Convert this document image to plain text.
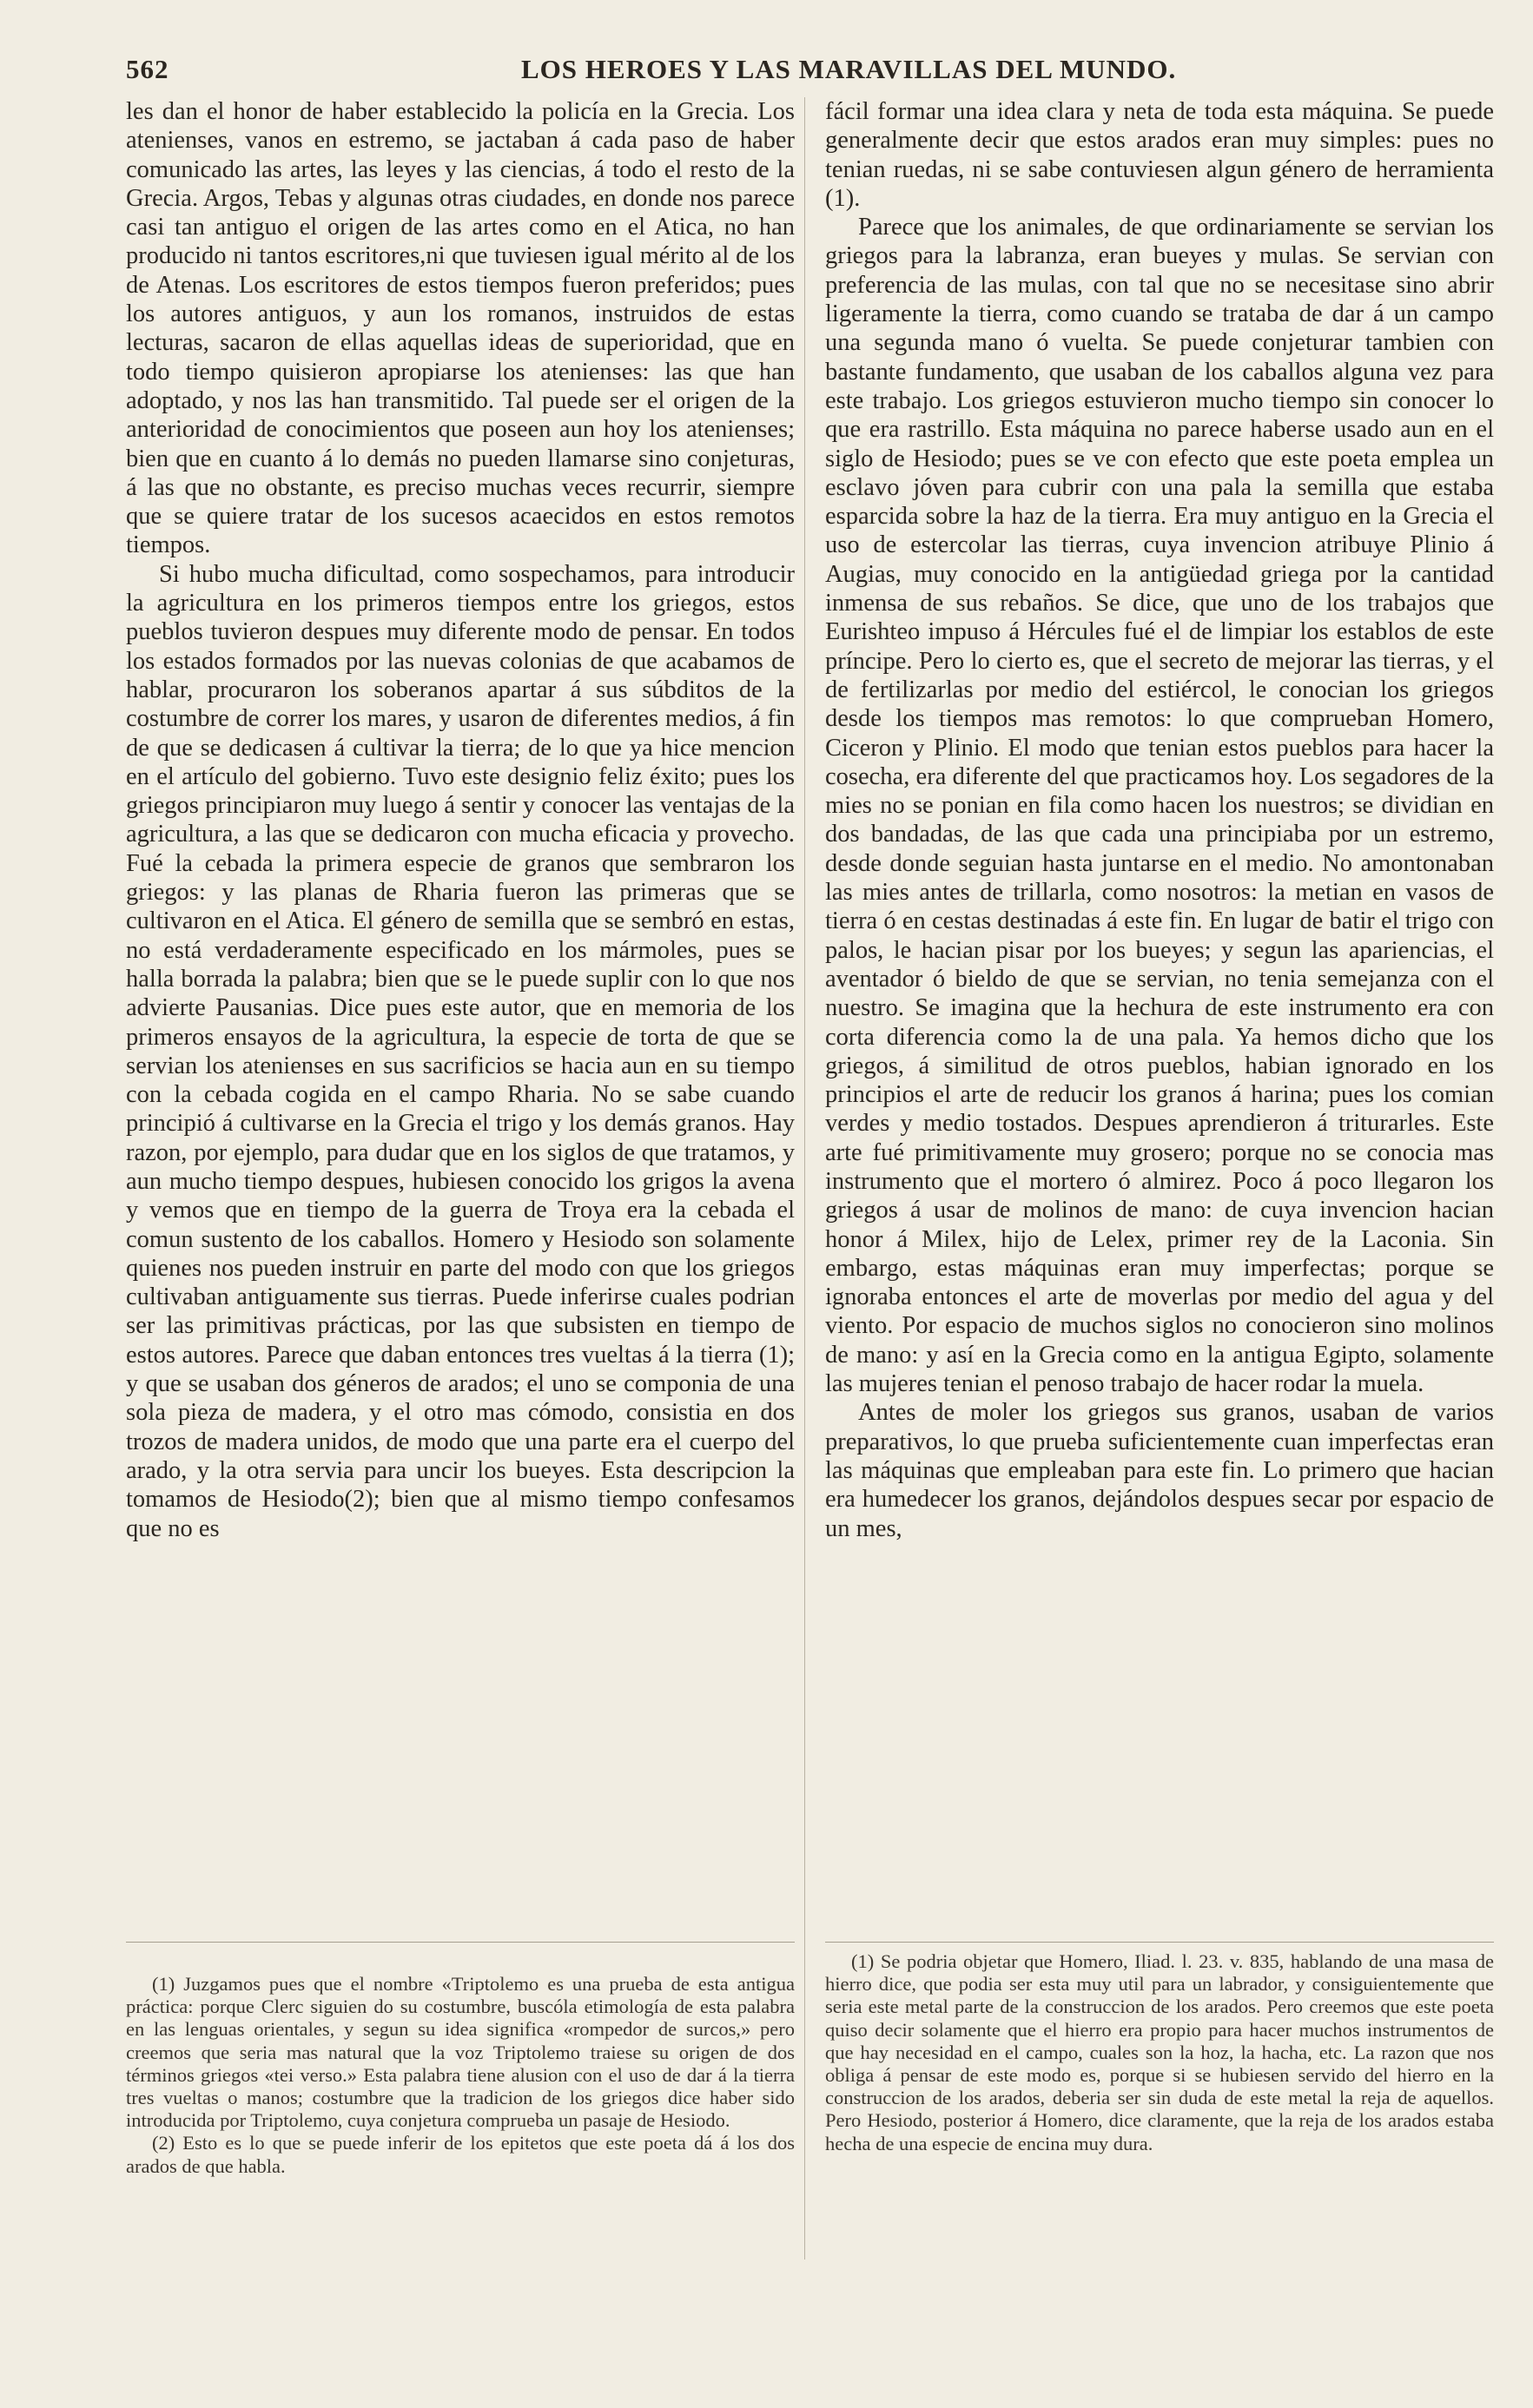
562	LOS HEROES Y LAS MARAVILLAS DEL MUNDO.

les dan el honor de haber establecido la policía en la Grecia. Los atenienses, vanos en estremo, se jactaban á cada paso de haber comunicado las artes, las leyes y las ciencias, á todo el resto de la Grecia. Argos, Tebas y algunas otras ciudades, en donde nos parece casi tan antiguo el origen de las artes como en el Atica, no han producido ni tantos escritores,ni que tuviesen igual mérito al de los de Atenas. Los escritores de estos tiempos fueron preferidos; pues los autores antiguos, y aun los romanos, instruidos de estas lecturas, sacaron de ellas aquellas ideas de superioridad, que en todo tiempo quisieron apropiarse los atenienses: las que han adoptado, y nos las han transmitido. Tal puede ser el origen de la anterioridad de conocimientos que poseen aun hoy los atenienses; bien que en cuanto á lo demás no pueden llamarse sino conjeturas, á las que no obstante, es preciso muchas veces recurrir, siempre que se quiere tratar de los sucesos acaecidos en estos remotos tiempos.

Si hubo mucha dificultad, como sospechamos, para introducir la agricultura en los primeros tiempos entre los griegos, estos pueblos tuvieron despues muy diferente modo de pensar. En todos los estados formados por las nuevas colonias de que acabamos de hablar, procuraron los soberanos apartar á sus súbditos de la costumbre de correr los mares, y usaron de diferentes medios, á fin de que se dedicasen á cultivar la tierra; de lo que ya hice mencion en el artículo del gobierno. Tuvo este designio feliz éxito; pues los griegos principiaron muy luego á sentir y conocer las ventajas de la agricultura, a las que se dedicaron con mucha eficacia y provecho. Fué la cebada la primera especie de granos que sembraron los griegos: y las planas de Rharia fueron las primeras que se cultivaron en el Atica. El género de semilla que se sembró en estas, no está verdaderamente especificado en los mármoles, pues se halla borrada la palabra; bien que se le puede suplir con lo que nos advierte Pausanias. Dice pues este autor, que en memoria de los primeros ensayos de la agricultura, la especie de torta de que se servian los atenienses en sus sacrificios se hacia aun en su tiempo con la cebada cogida en el campo Rharia. No se sabe cuando principió á cultivarse en la Grecia el trigo y los demás granos. Hay razon, por ejemplo, para dudar que en los siglos de que tratamos, y aun mucho tiempo despues, hubiesen conocido los grigos la avena y vemos que en tiempo de la guerra de Troya era la cebada el comun sustento de los caballos. Homero y Hesiodo son solamente quienes nos pueden instruir en parte del modo con que los griegos cultivaban antiguamente sus tierras. Puede inferirse cuales podrian ser las primitivas prácticas, por las que subsisten en tiempo de estos autores. Parece que daban entonces tres vueltas á la tierra (1); y que se usaban dos géneros de arados; el uno se componia de una sola pieza de madera, y el otro mas cómodo, consistia en dos trozos de madera unidos, de modo que una parte era el cuerpo del arado, y la otra servia para uncir los bueyes. Esta descripcion la tomamos de Hesiodo(2); bien que al mismo tiempo confesamos que no es

fácil formar una idea clara y neta de toda esta máquina. Se puede generalmente decir que estos arados eran muy simples: pues no tenian ruedas, ni se sabe contuviesen algun género de herramienta (1).

Parece que los animales, de que ordinariamente se servian los griegos para la labranza, eran bueyes y mulas. Se servian con preferencia de las mulas, con tal que no se necesitase sino abrir ligeramente la tierra, como cuando se trataba de dar á un campo una segunda mano ó vuelta. Se puede conjeturar tambien con bastante fundamento, que usaban de los caballos alguna vez para este trabajo. Los griegos estuvieron mucho tiempo sin conocer lo que era rastrillo. Esta máquina no parece haberse usado aun en el siglo de Hesiodo; pues se ve con efecto que este poeta emplea un esclavo jóven para cubrir con una pala la semilla que estaba esparcida sobre la haz de la tierra. Era muy antiguo en la Grecia el uso de estercolar las tierras, cuya invencion atribuye Plinio á Augias, muy conocido en la antigüedad griega por la cantidad inmensa de sus rebaños. Se dice, que uno de los trabajos que Eurishteo impuso á Hércules fué el de limpiar los establos de este príncipe. Pero lo cierto es, que el secreto de mejorar las tierras, y el de fertilizarlas por medio del estiércol, le conocian los griegos desde los tiempos mas remotos: lo que comprueban Homero, Ciceron y Plinio. El modo que tenian estos pueblos para hacer la cosecha, era diferente del que practicamos hoy. Los segadores de la mies no se ponian en fila como hacen los nuestros; se dividian en dos bandadas, de las que cada una principiaba por un estremo, desde donde seguian hasta juntarse en el medio. No amontonaban las mies antes de trillarla, como nosotros: la metian en vasos de tierra ó en cestas destinadas á este fin. En lugar de batir el trigo con palos, le hacian pisar por los bueyes; y segun las apariencias, el aventador ó bieldo de que se servian, no tenia semejanza con el nuestro. Se imagina que la hechura de este instrumento era con corta diferencia como la de una pala. Ya hemos dicho que los griegos, á similitud de otros pueblos, habian ignorado en los principios el arte de reducir los granos á harina; pues los comian verdes y medio tostados. Despues aprendieron á triturarles. Este arte fué primitivamente muy grosero; porque no se conocia mas instrumento que el mortero ó almirez. Poco á poco llegaron los griegos á usar de molinos de mano: de cuya invencion hacian honor á Milex, hijo de Lelex, primer rey de la Laconia. Sin embargo, estas máquinas eran muy imperfectas; porque se ignoraba entonces el arte de moverlas por medio del agua y del viento. Por espacio de muchos siglos no conocieron sino molinos de mano: y así en la Grecia como en la antigua Egipto, solamente las mujeres tenian el penoso trabajo de hacer rodar la muela.

Antes de moler los griegos sus granos, usaban de varios preparativos, lo que prueba suficientemente cuan imperfectas eran las máquinas que empleaban para este fin. Lo primero que hacian era humedecer los granos, dejándolos despues secar por espacio de un mes,

(1) Juzgamos pues que el nombre «Triptolemo es una prueba de esta antigua práctica: porque Clerc siguien do su costumbre, buscóla etimología de esta palabra en las lenguas orientales, y segun su idea significa «rompedor de surcos,» pero creemos que seria mas natural que la voz Triptolemo traiese su origen de dos términos griegos «tei verso.» Esta palabra tiene alusion con el uso de dar á la tierra tres vueltas o manos; costumbre que la tradicion de los griegos dice haber sido introducida por Triptolemo, cuya conjetura comprueba un pasaje de Hesiodo.

(2) Esto es lo que se puede inferir de los epitetos que este poeta dá á los dos arados de que habla.

(1) Se podria objetar que Homero, Iliad. l. 23. v. 835, hablando de una masa de hierro dice, que podia ser esta muy util para un labrador, y consiguientemente que seria este metal parte de la construccion de los arados. Pero creemos que este poeta quiso decir solamente que el hierro era propio para hacer muchos instrumentos de que hay necesidad en el campo, cuales son la hoz, la hacha, etc. La razon que nos obliga á pensar de este modo es, porque si se hubiesen servido del hierro en la construccion de los arados, deberia ser sin duda de este metal la reja de aquellos. Pero Hesiodo, posterior á Homero, dice claramente, que la reja de los arados estaba hecha de una especie de encina muy dura.
